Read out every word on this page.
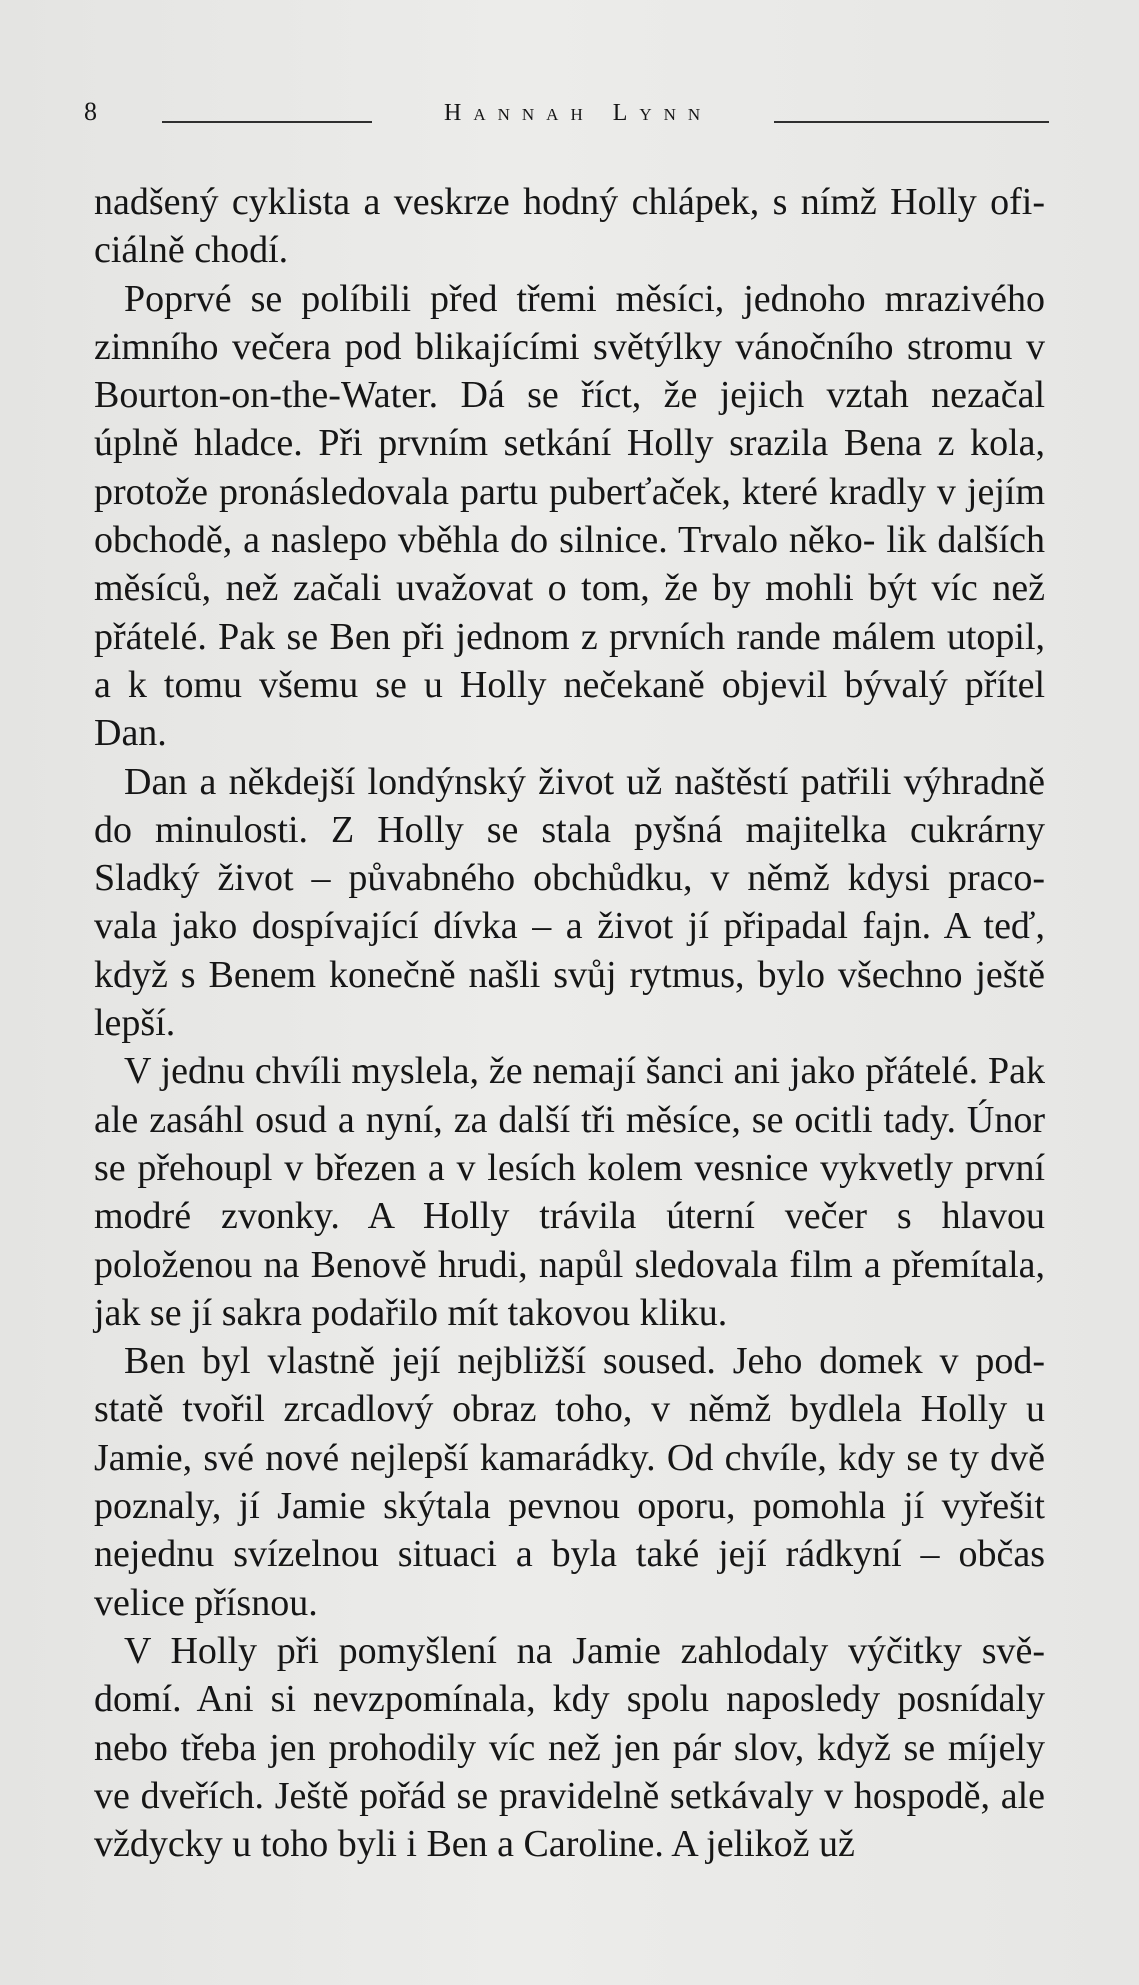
8	Hannah Lynn

nadšený cyklista a veskrze hodný chlápek, s nímž Holly ofi- ciálně chodí.

Poprvé se políbili před třemi měsíci, jednoho mrazivého zimního večera pod blikajícími světýlky vánočního stromu v Bourton-on-the-Water. Dá se říct, že jejich vztah nezačal úplně hladce. Při prvním setkání Holly srazila Bena z kola, protože pronásledovala partu puberťaček, které kradly v jejím obchodě, a naslepo vběhla do silnice. Trvalo něko- lik dalších měsíců, než začali uvažovat o tom, že by mohli být víc než přátelé. Pak se Ben při jednom z prvních rande málem utopil, a k tomu všemu se u Holly nečekaně objevil bývalý přítel Dan.

Dan a někdejší londýnský život už naštěstí patřili výhradně do minulosti. Z Holly se stala pyšná majitelka cukrárny Sladký život – půvabného obchůdku, v němž kdysi praco- vala jako dospívající dívka – a život jí připadal fajn. A teď, když s Benem konečně našli svůj rytmus, bylo všechno ještě lepší.

V jednu chvíli myslela, že nemají šanci ani jako přátelé. Pak ale zasáhl osud a nyní, za další tři měsíce, se ocitli tady. Únor se přehoupl v březen a v lesích kolem vesnice vykvetly první modré zvonky. A Holly trávila úterní večer s hlavou položenou na Benově hrudi, napůl sledovala film a přemítala, jak se jí sakra podařilo mít takovou kliku.

Ben byl vlastně její nejbližší soused. Jeho domek v pod- statě tvořil zrcadlový obraz toho, v němž bydlela Holly u Jamie, své nové nejlepší kamarádky. Od chvíle, kdy se ty dvě poznaly, jí Jamie skýtala pevnou oporu, pomohla jí vyřešit nejednu svízelnou situaci a byla také její rádkyní – občas velice přísnou.

V Holly při pomyšlení na Jamie zahlodaly výčitky svě- domí. Ani si nevzpomínala, kdy spolu naposledy posnídaly nebo třeba jen prohodily víc než jen pár slov, když se míjely ve dveřích. Ještě pořád se pravidelně setkávaly v hospodě, ale vždycky u toho byli i Ben a Caroline. A jelikož už
